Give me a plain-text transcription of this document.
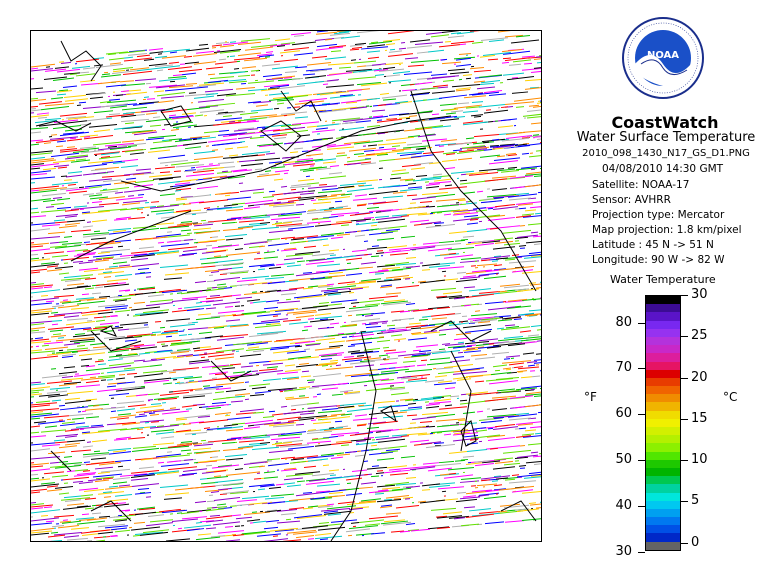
NOAA
CoastWatch
Water Surface Temperature
2010_098_1430_N17_GS_D1.PNG
04/08/2010 14:30 GMT
Satellite: NOAA-17
Sensor: AVHRR
Projection type: Mercator
Map projection: 1.8 km/pixel
Latitude : 45 N -> 51 N
Longitude: 90 W -> 82 W
Water Temperature
°F	°C
30
25
20
15
10
5
0
80
70
60
50
40
30
